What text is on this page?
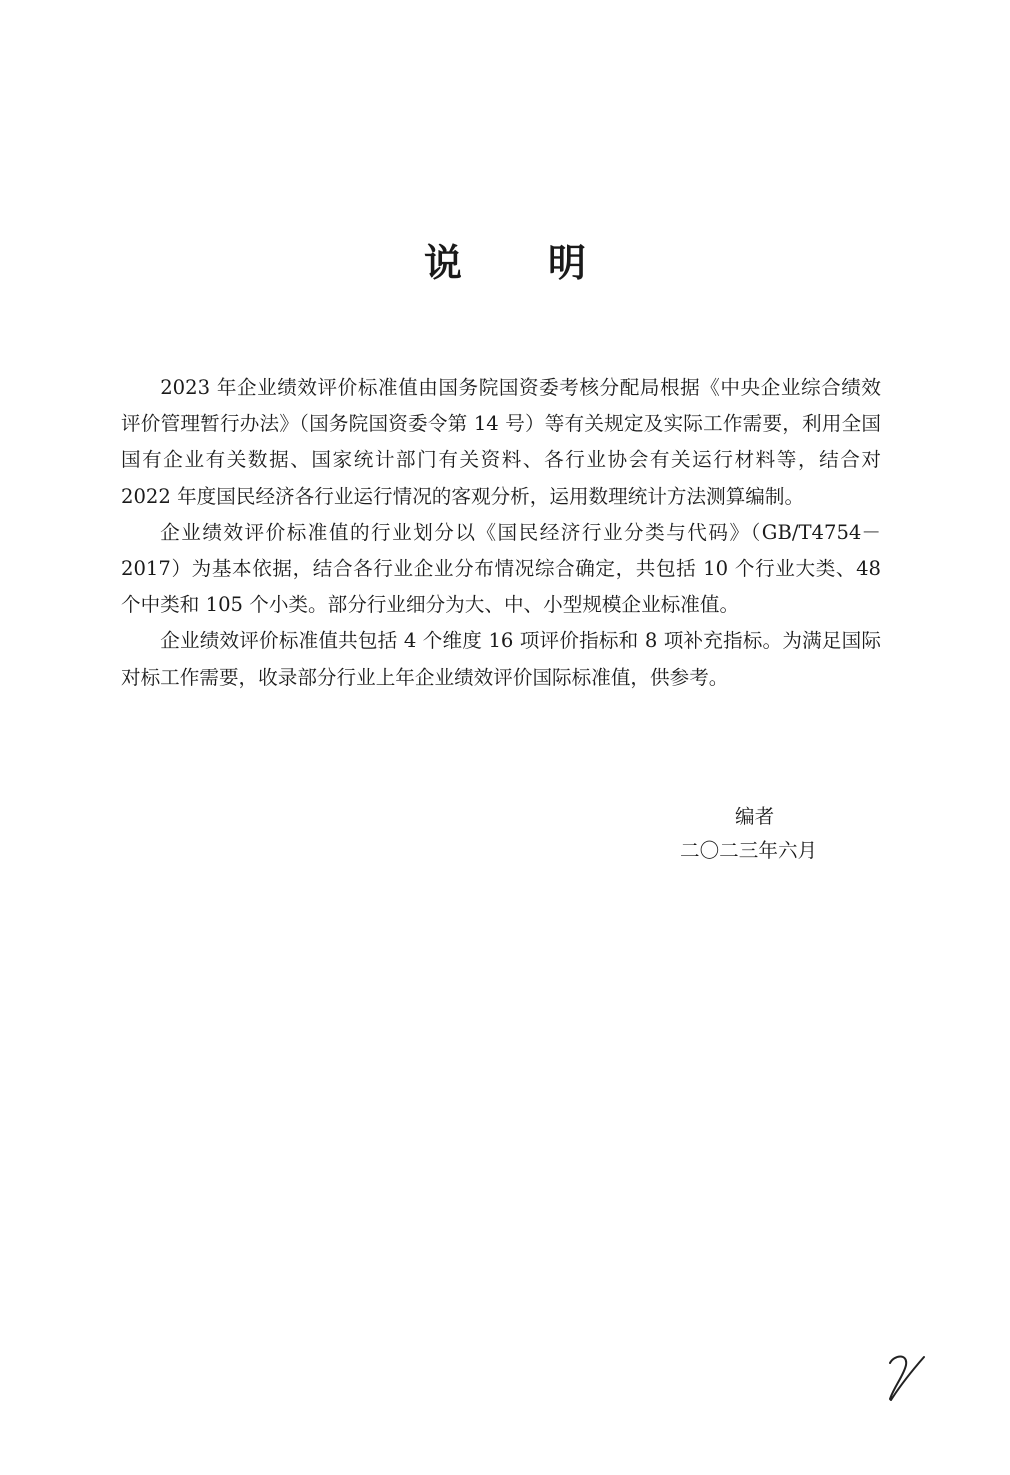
说 明

2023 年企业绩效评价标准值由国务院国资委考核分配局根据《中央企业综合绩效评价管理暂行办法》（国务院国资委令第 14 号）等有关规定及实际工作需要，利用全国国有企业有关数据、国家统计部门有关资料、各行业协会有关运行材料等，结合对 2022 年度国民经济各行业运行情况的客观分析，运用数理统计方法测算编制。

企业绩效评价标准值的行业划分以《国民经济行业分类与代码》（GB/T4754－2017）为基本依据，结合各行业企业分布情况综合确定，共包括 10 个行业大类、48 个中类和 105 个小类。部分行业细分为大、中、小型规模企业标准值。

企业绩效评价标准值共包括 4 个维度 16 项评价指标和 8 项补充指标。为满足国际对标工作需要，收录部分行业上年企业绩效评价国际标准值，供参考。

编者
二〇二三年六月
